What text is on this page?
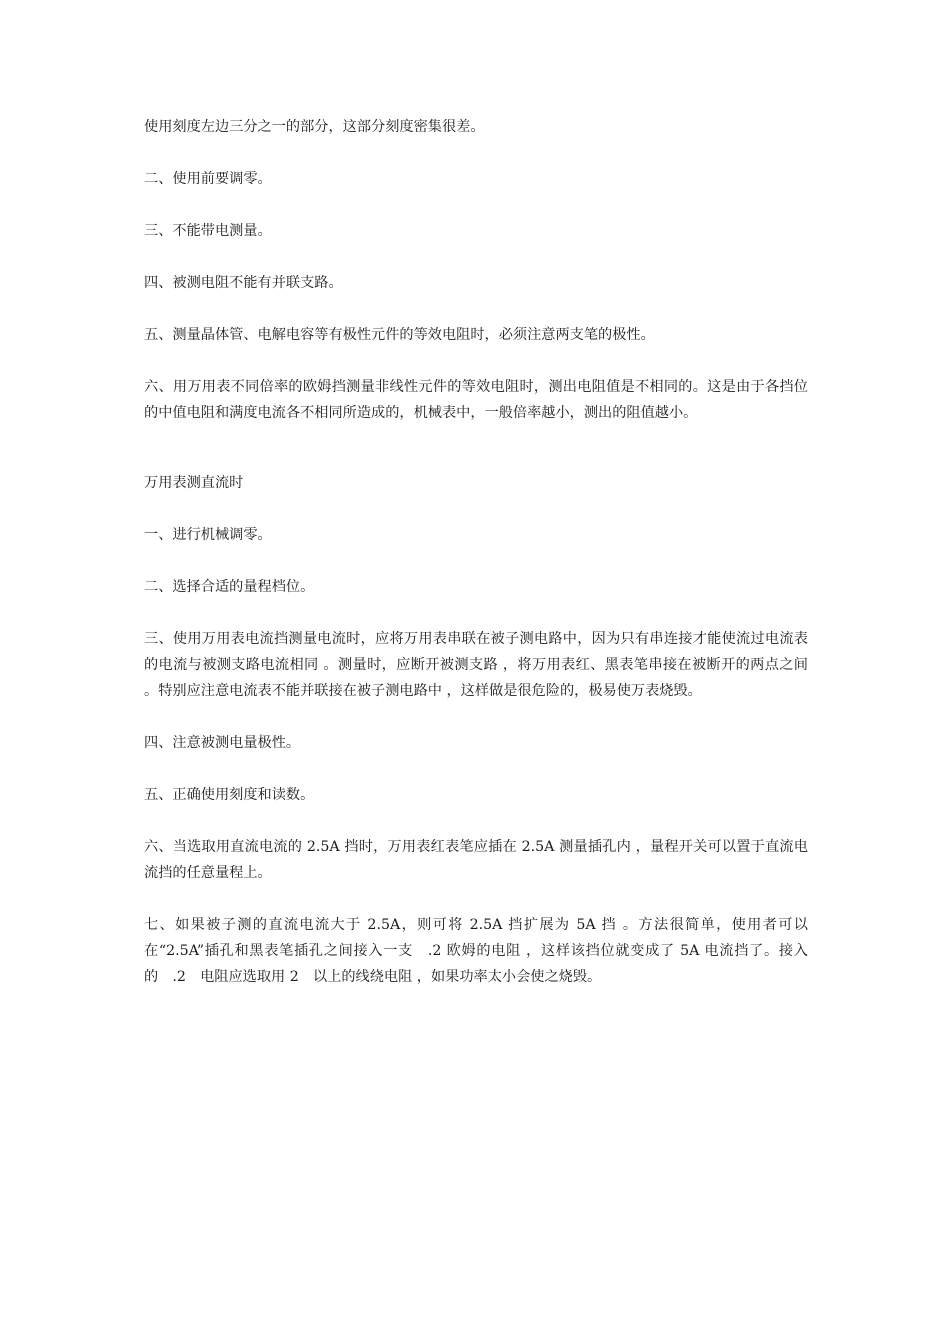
使用刻度左边三分之一的部分，这部分刻度密集很差。

二、使用前要调零。

三、不能带电测量。

四、被测电阻不能有并联支路。

五、测量晶体管、电解电容等有极性元件的等效电阻时，必须注意两支笔的极性。

六、用万用表不同倍率的欧姆挡测量非线性元件的等效电阻时，测出电阻值是不相同的。这是由于各挡位的中值电阻和满度电流各不相同所造成的，机械表中，一般倍率越小，测出的阻值越小。

万用表测直流时

一、进行机械调零。

二、选择合适的量程档位。

三、使用万用表电流挡测量电流时，应将万用表串联在被子测电路中，因为只有串连接才能使流过电流表的电流与被测支路电流相同 。测量时，应断开被测支路 ，将万用表红、黑表笔串接在被断开的两点之间 。特别应注意电流表不能并联接在被子测电路中 ，这样做是很危险的，极易使万表烧毁。

四、注意被测电量极性。

五、正确使用刻度和读数。

六、当选取用直流电流的 2.5A 挡时，万用表红表笔应插在 2.5A 测量插孔内 ，量程开关可以置于直流电流挡的任意量程上。

七、如果被子测的直流电流大于 2.5A，则可将 2.5A 挡扩展为 5A 挡 。方法很简单，使用者可以在“2.5A”插孔和黑表笔插孔之间接入一支　.2 欧姆的电阻 ，这样该挡位就变成了 5A 电流挡了。接入的　.2　电阻应选取用 2　以上的线绕电阻 ，如果功率太小会使之烧毁。
